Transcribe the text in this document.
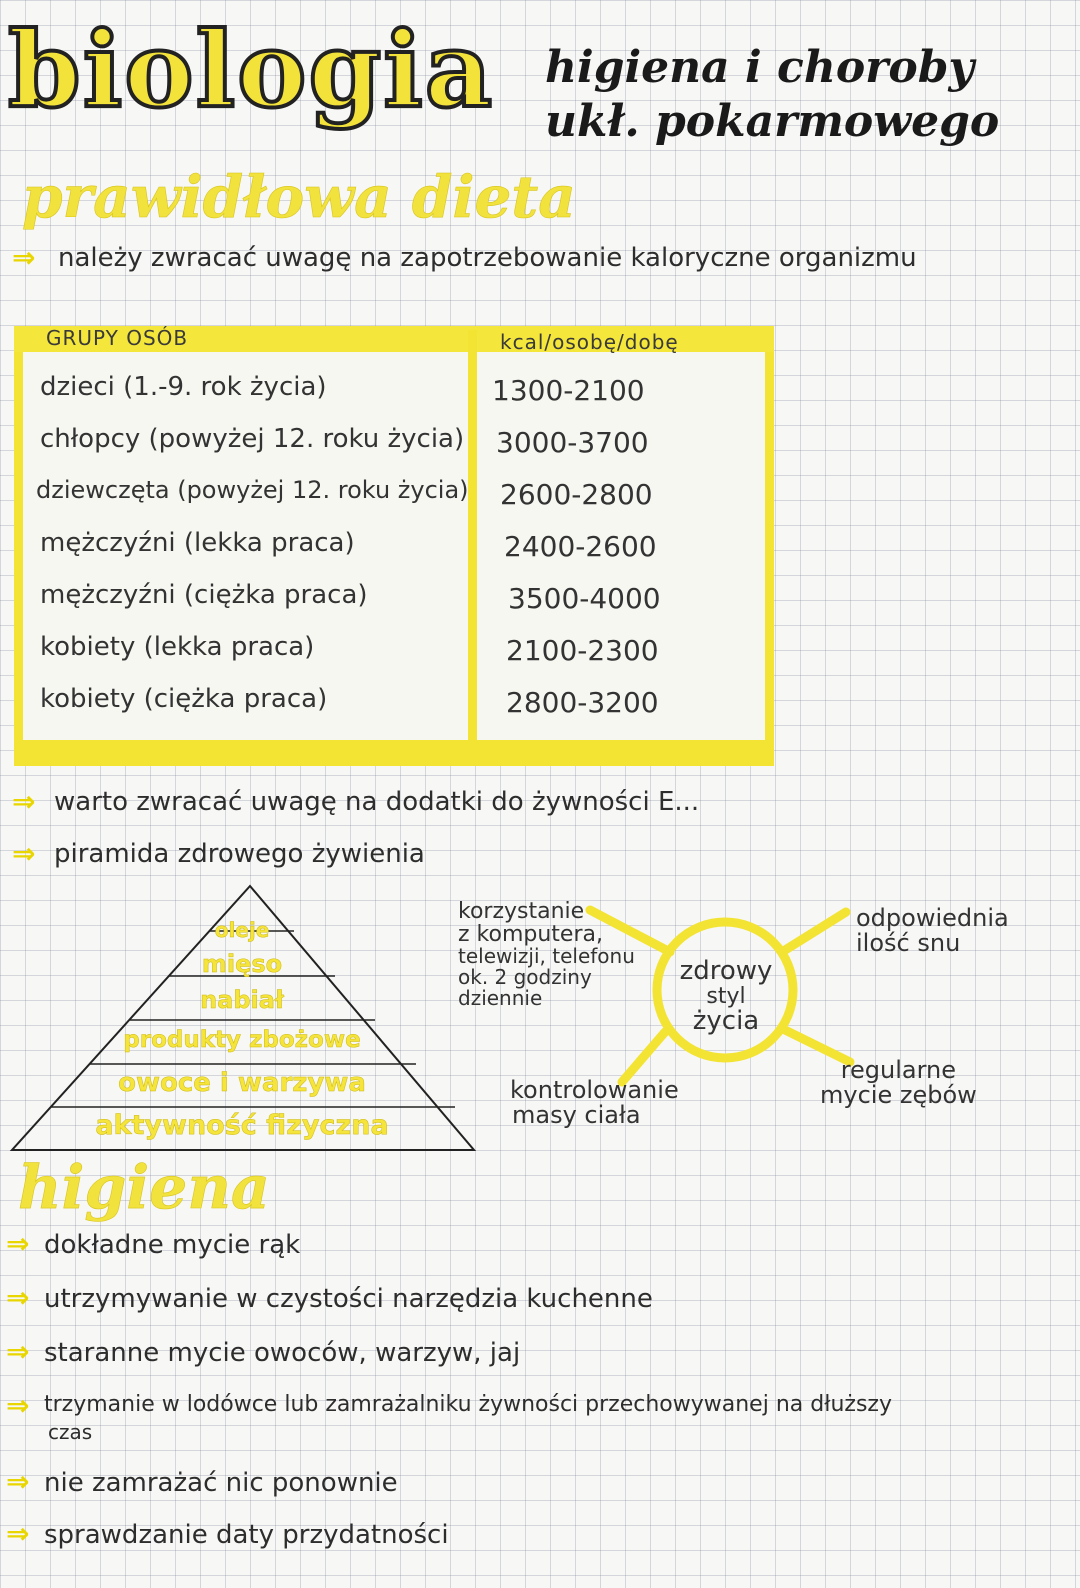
biologia higiena i choroby
ukł. pokarmowego
prawidłowa dieta
⇒ należy zwracać uwagę na zapotrzebowanie kaloryczne organizmu
GRUPY OSÓB	kcal/osobę/dobę
dzieci (1.-9. rok życia)	1300-2100
chłopcy (powyżej 12. roku życia) 3000-3700
dziewczęta (powyżej 12. roku życia) 2600-2800
mężczyźni (lekka praca)	2400-2600
mężczyźni (ciężka praca)	3500-4000
kobiety (lekka praca)	2100-2300
kobiety (ciężka praca)	2800-3200
⇒ warto zwracać uwagę na dodatki do żywności E...
⇒ piramida zdrowego żywienia
oleje
mięso
nabiał
produkty zbożowe
owoce i warzywa
aktywność fizyczna
zdrowy
styl
życia
korzystanie
z komputera,
telewizji, telefonu
ok. 2 godziny
dziennie
odpowiednia
ilość snu
kontrolowanie
masy ciała
regularne
mycie zębów
higiena
⇒ dokładne mycie rąk
⇒ utrzymywanie w czystości narzędzia kuchenne
⇒ staranne mycie owoców, warzyw, jaj
⇒ trzymanie w lodówce lub zamrażalniku żywności przechowywanej na dłuższy
czas
⇒ nie zamrażać nic ponownie
⇒ sprawdzanie daty przydatności
